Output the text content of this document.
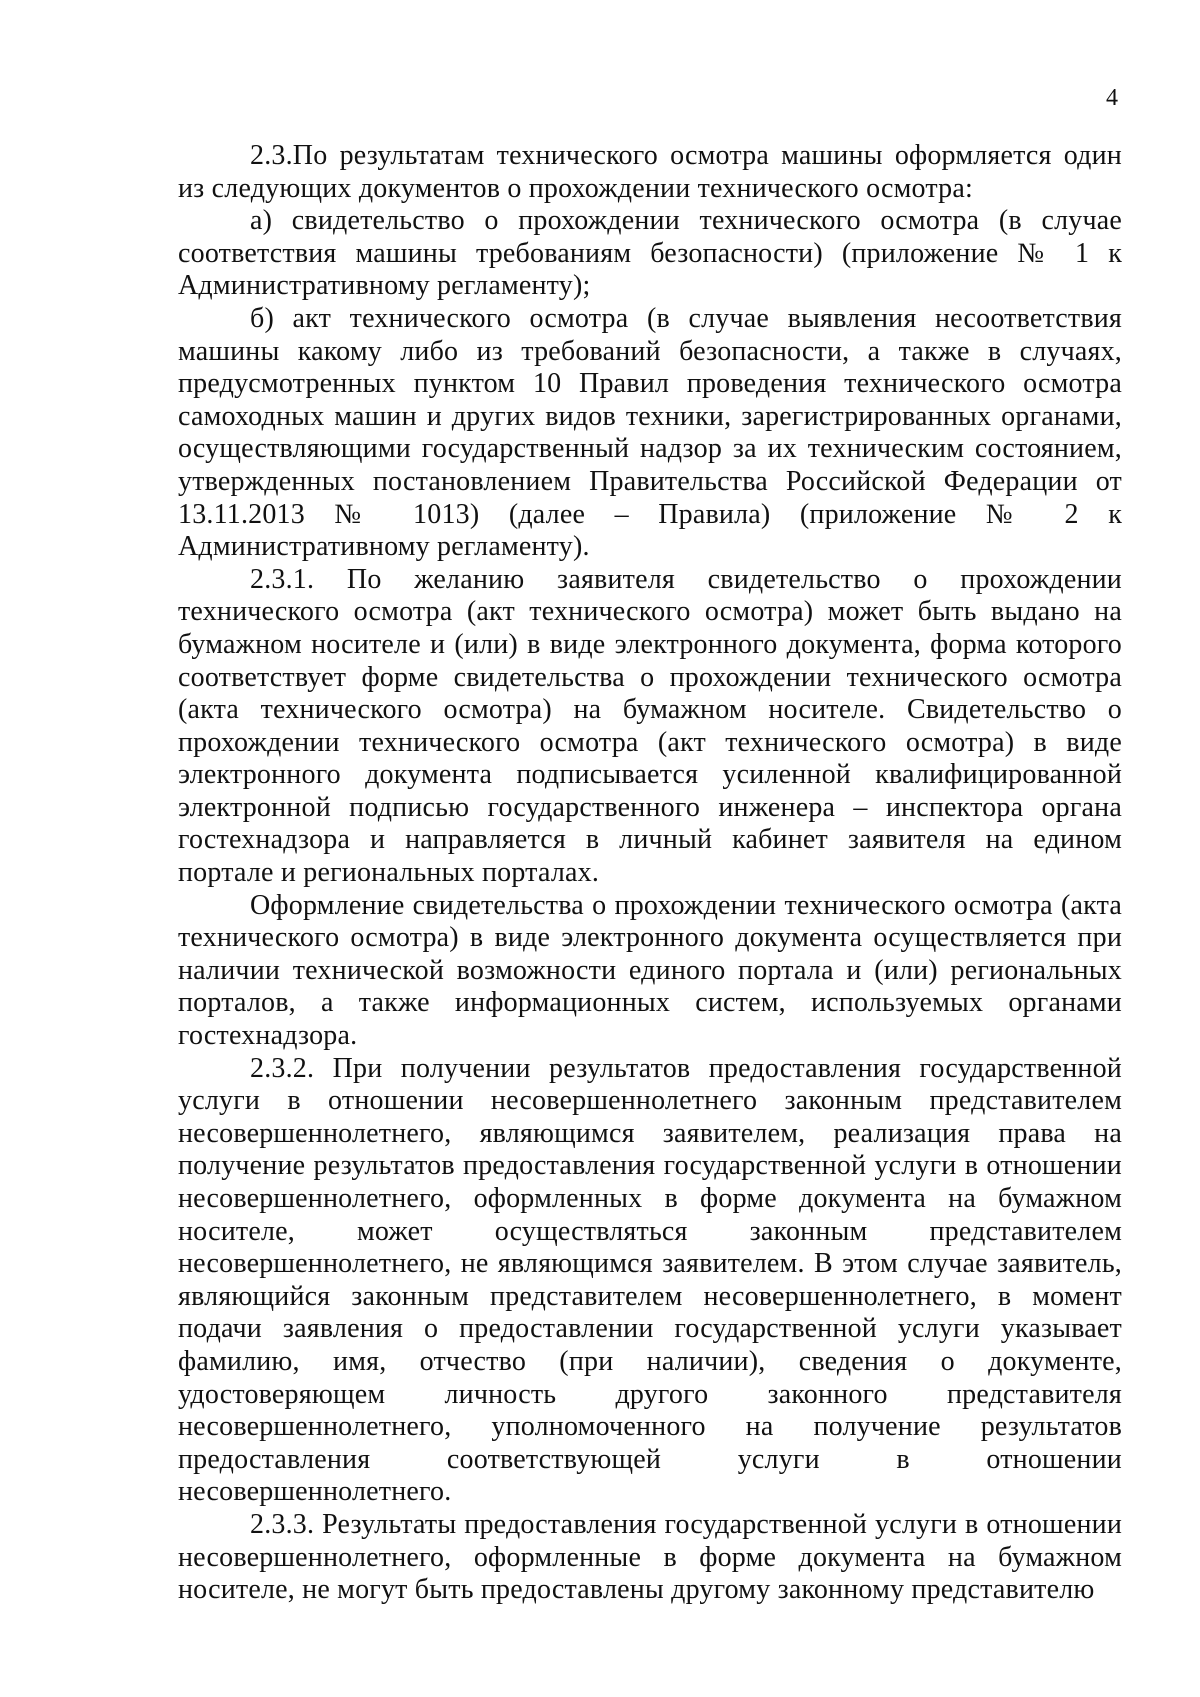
4

2.3.По результатам технического осмотра машины оформляется один из следующих документов о прохождении технического осмотра:

а) свидетельство о прохождении технического осмотра (в случае соответствия машины требованиям безопасности) (приложение № 1 к Административному регламенту);

б) акт технического осмотра (в случае выявления несоответствия машины какому либо из требований безопасности, а также в случаях, предусмотренных пунктом 10 Правил проведения технического осмотра самоходных машин и других видов техники, зарегистрированных органами, осуществляющими государственный надзор за их техническим состоянием, утвержденных постановлением Правительства Российской Федерации от 13.11.2013 № 1013) (далее – Правила) (приложение № 2 к Административному регламенту).

2.3.1. По желанию заявителя свидетельство о прохождении технического осмотра (акт технического осмотра) может быть выдано на бумажном носителе и (или) в виде электронного документа, форма которого соответствует форме свидетельства о прохождении технического осмотра (акта технического осмотра) на бумажном носителе. Свидетельство о прохождении технического осмотра (акт технического осмотра) в виде электронного документа подписывается усиленной квалифицированной электронной подписью государственного инженера – инспектора органа гостехнадзора и направляется в личный кабинет заявителя на едином портале и региональных порталах.

Оформление свидетельства о прохождении технического осмотра (акта технического осмотра) в виде электронного документа осуществляется при наличии технической возможности единого портала и (или) региональных порталов, а также информационных систем, используемых органами гостехнадзора.

2.3.2. При получении результатов предоставления государственной услуги в отношении несовершеннолетнего законным представителем несовершеннолетнего, являющимся заявителем, реализация права на получение результатов предоставления государственной услуги в отношении несовершеннолетнего, оформленных в форме документа на бумажном носителе, может осуществляться законным представителем несовершеннолетнего, не являющимся заявителем. В этом случае заявитель, являющийся законным представителем несовершеннолетнего, в момент подачи заявления о предоставлении государственной услуги указывает фамилию, имя, отчество (при наличии), сведения о документе, удостоверяющем личность другого законного представителя несовершеннолетнего, уполномоченного на получение результатов предоставления соответствующей услуги в отношении несовершеннолетнего.

2.3.3. Результаты предоставления государственной услуги в отношении несовершеннолетнего, оформленные в форме документа на бумажном носителе, не могут быть предоставлены другому законному представителю
